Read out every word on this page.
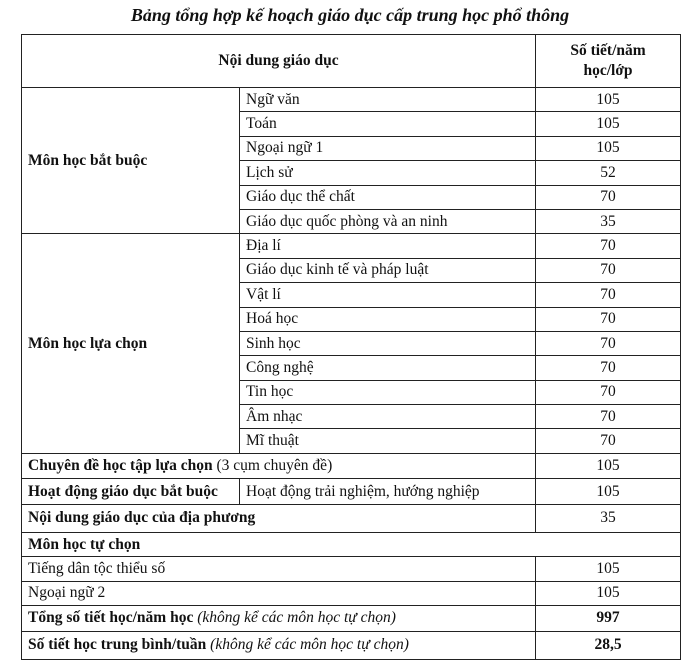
Bảng tổng hợp kế hoạch giáo dục cấp trung học phổ thông
Nội dung giáo dục		Số tiết/năm học/lớp
Môn học bắt buộc	Ngữ văn	105
	Toán	105
	Ngoại ngữ 1	105
	Lịch sử	52
	Giáo dục thể chất	70
	Giáo dục quốc phòng và an ninh	35
Môn học lựa chọn	Địa lí	70
	Giáo dục kinh tế và pháp luật	70
	Vật lí	70
	Hoá học	70
	Sinh học	70
	Công nghệ	70
	Tin học	70
	Âm nhạc	70
	Mĩ thuật	70
Chuyên đề học tập lựa chọn (3 cụm chuyên đề)		105
Hoạt động giáo dục bắt buộc	Hoạt động trải nghiệm, hướng nghiệp	105
Nội dung giáo dục của địa phương		35
Môn học tự chọn		
Tiếng dân tộc thiểu số		105
Ngoại ngữ 2		105
Tổng số tiết học/năm học (không kể các môn học tự chọn)		997
Số tiết học trung bình/tuần (không kể các môn học tự chọn)		28,5
